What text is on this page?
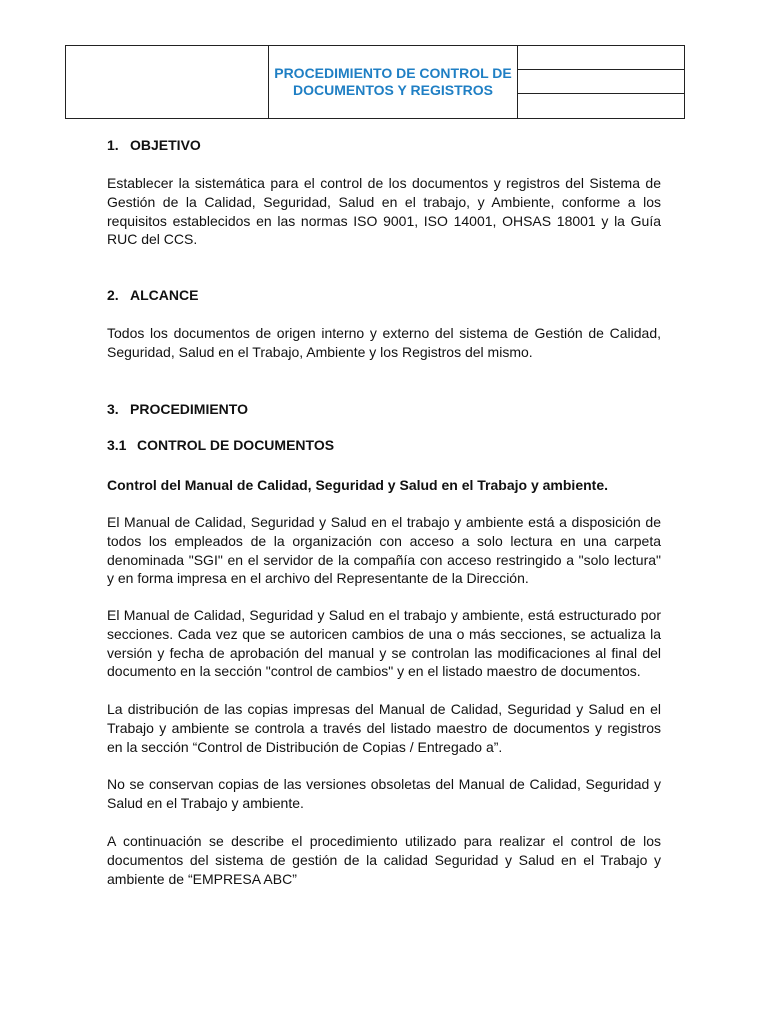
PROCEDIMIENTO DE CONTROL DE
DOCUMENTOS Y REGISTROS
1. OBJETIVO
Establecer la sistemática para el control de los documentos y registros del Sistema de Gestión de la Calidad, Seguridad, Salud en el trabajo, y Ambiente, conforme a los requisitos establecidos en las normas ISO 9001, ISO 14001, OHSAS 18001 y la Guía RUC del CCS.
2. ALCANCE
Todos los documentos de origen interno y externo del sistema de Gestión de Calidad, Seguridad, Salud en el Trabajo, Ambiente y los Registros del mismo.
3. PROCEDIMIENTO
3.1 CONTROL DE DOCUMENTOS
Control del Manual de Calidad, Seguridad y Salud en el Trabajo y ambiente.
El Manual de Calidad, Seguridad y Salud en el trabajo y ambiente está a disposición de todos los empleados de la organización con acceso a solo lectura en una carpeta denominada "SGI" en el servidor de la compañía con acceso restringido a "solo lectura" y en forma impresa en el archivo del Representante de la Dirección.
El Manual de Calidad, Seguridad y Salud en el trabajo y ambiente, está estructurado por secciones. Cada vez que se autoricen cambios de una o más secciones, se actualiza la versión y fecha de aprobación del manual y se controlan las modificaciones al final del documento en la sección "control de cambios" y en el listado maestro de documentos.
La distribución de las copias impresas del Manual de Calidad, Seguridad y Salud en el Trabajo y ambiente se controla a través del listado maestro de documentos y registros en la sección “Control de Distribución de Copias / Entregado a”.
No se conservan copias de las versiones obsoletas del Manual de Calidad, Seguridad y Salud en el Trabajo y ambiente.
A continuación se describe el procedimiento utilizado para realizar el control de los documentos del sistema de gestión de la calidad Seguridad y Salud en el Trabajo y ambiente de “EMPRESA ABC”
